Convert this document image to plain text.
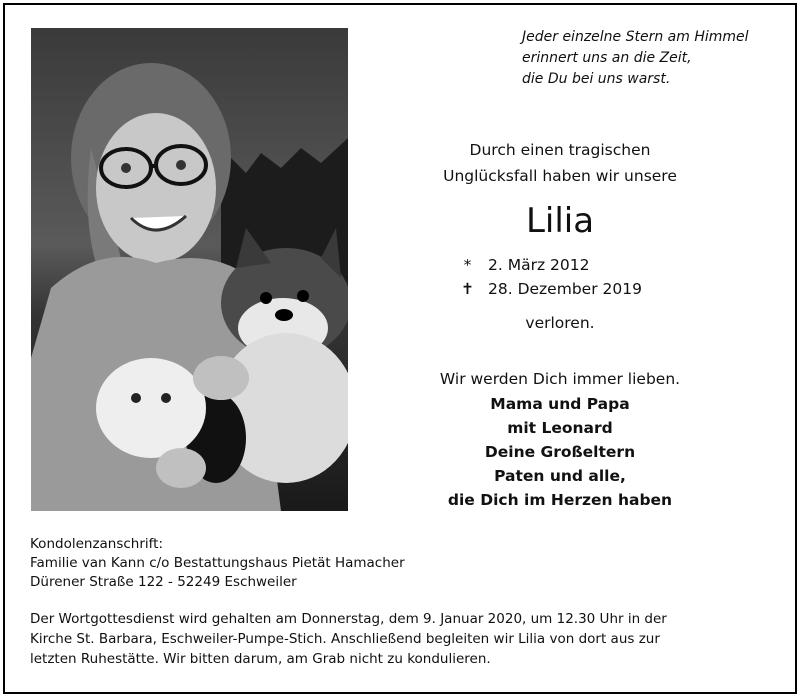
Jeder einzelne Stern am Himmel
erinnert uns an die Zeit,
die Du bei uns warst.
Durch einen tragischen
Unglücksfall haben wir unsere
Lilia
*	2. März 2012
✝ 28. Dezember 2019
verloren.
Wir werden Dich immer lieben.
Mama und Papa
mit Leonard
Deine Großeltern
Paten und alle,
die Dich im Herzen haben
Kondolenzanschrift:
Familie van Kann c/o Bestattungshaus Pietät Hamacher
Dürener Straße 122 - 52249 Eschweiler
Der Wortgottesdienst wird gehalten am Donnerstag, dem 9. Januar 2020, um 12.30 Uhr in der
Kirche St. Barbara, Eschweiler-Pumpe-Stich. Anschließend begleiten wir Lilia von dort aus zur
letzten Ruhestätte. Wir bitten darum, am Grab nicht zu kondulieren.
